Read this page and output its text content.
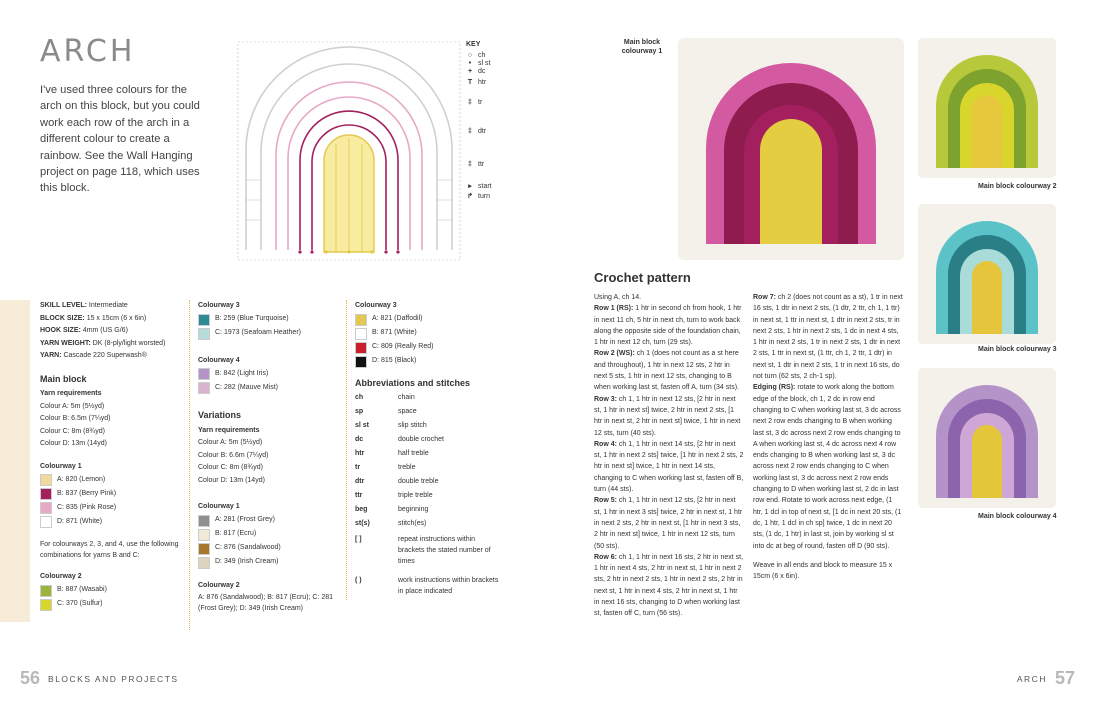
ARCH
I've used three colours for the arch on this block, but you could work each row of the arch in a different colour to create a rainbow. See the Wall Hanging project on page 118, which uses this block.
KEY
○ ch
• sl st
+ dc
T htr
‡ tr
‡ dtr
‡ ttr
▸ start
↱ turn
SKILL LEVEL: Intermediate
BLOCK SIZE: 15 x 15cm (6 x 6in)
HOOK SIZE: 4mm (US G/6)
YARN WEIGHT: DK (8-ply/light worsted)
YARN: Cascade 220 Superwash®
Main block
Yarn requirements
Colour A: 5m (5½yd)
Colour B: 6.5m (7¼yd)
Colour C: 8m (8¾yd)
Colour D: 13m (14yd)
Colourway 1
A: 820 (Lemon)
B: 837 (Berry Pink)
C: 835 (Pink Rose)
D: 871 (White)
For colourways 2, 3, and 4, use the following combinations for yarns B and C:
Colourway 2
B: 887 (Wasabi)
C: 370 (Sulfur)
Colourway 3
B: 259 (Blue Turquoise)
C: 1973 (Seafoam Heather)
Colourway 4
B: 842 (Light Iris)
C: 282 (Mauve Mist)
Variations
Yarn requirements
Colour A: 5m (5½yd)
Colour B: 6.6m (7¼yd)
Colour C: 8m (8¾yd)
Colour D: 13m (14yd)
Colourway 1
A: 281 (Frost Grey)
B: 817 (Ecru)
C: 876 (Sandalwood)
D: 349 (Irish Cream)
Colourway 2
A: 876 (Sandalwood); B: 817 (Ecru); C: 281 (Frost Grey); D: 349 (Irish Cream)
Colourway 3
A: 821 (Daffodil)
B: 871 (White)
C: 809 (Really Red)
D: 815 (Black)
Abbreviations and stitches
ch	chain
sp	space
sl st	slip stitch
dc	double crochet
htr	half treble
tr	treble
dtr	double treble
ttr	triple treble
beg	beginning
st(s)	stitch(es)
[ ]	repeat instructions within brackets the stated number of times
( )	work instructions within brackets in place indicated
Main block colourway 1
Main block colourway 2
Main block colourway 3
Main block colourway 4
Crochet pattern

Using A, ch 14.

Row 1 (RS): 1 htr in second ch from hook, 1 htr in next 11 ch, 5 htr in next ch, turn to work back along the opposite side of the foundation chain, 1 htr in next 12 ch, turn (29 sts).

Row 2 (WS): ch 1 (does not count as a st here and throughout), 1 htr in next 12 sts, 2 htr in next 5 sts, 1 htr in next 12 sts, changing to B when working last st, fasten off A, turn (34 sts).

Row 3: ch 1, 1 htr in next 12 sts, [2 htr in next st, 1 htr in next st] twice, 2 htr in next 2 sts, [1 htr in next st, 2 htr in next st] twice, 1 htr in next 12 sts, turn (40 sts).

Row 4: ch 1, 1 htr in next 14 sts, [2 htr in next st, 1 htr in next 2 sts] twice, [1 htr in next 2 sts, 2 htr in next st] twice, 1 htr in next 14 sts, changing to C when working last st, fasten off B, turn (44 sts).

Row 5: ch 1, 1 htr in next 12 sts, [2 htr in next st, 1 htr in next 3 sts] twice, 2 htr in next st, 1 htr in next 2 sts, 2 htr in next st, [1 htr in next 3 sts, 2 htr in next st] twice, 1 htr in next 12 sts, turn (50 sts).

Row 6: ch 1, 1 htr in next 16 sts, 2 htr in next st, 1 htr in next 4 sts, 2 htr in next st, 1 htr in next 2 sts, 2 htr in next 2 sts, 1 htr in next 2 sts, 2 htr in next st, 1 htr in next 4 sts, 2 htr in next st, 1 htr in next 16 sts, changing to D when working last st, fasten off C, turn (56 sts).

Row 7: ch 2 (does not count as a st), 1 tr in next 16 sts, 1 dtr in next 2 sts, (1 dtr, 2 ttr, ch 1, 1 ttr) in next st, 1 ttr in next st, 1 dtr in next 2 sts, tr in next 2 sts, 1 htr in next 2 sts, 1 dc in next 4 sts, 1 htr in next 2 sts, 1 tr in next 2 sts, 1 dtr in next 2 sts, 1 ttr in next st, (1 ttr, ch 1, 2 ttr, 1 dtr) in next st, 1 dtr in next 2 sts, 1 tr in next 16 sts, do not turn (62 sts, 2 ch-1 sp).

Edging (RS): rotate to work along the bottom edge of the block, ch 1, 2 dc in row end changing to C when working last st, 3 dc across next 2 row ends changing to B when working last st, 3 dc across next 2 row ends changing to A when working last st, 4 dc across next 4 row ends changing to B when working last st, 3 dc across next 2 row ends changing to C when working last st, 3 dc across next 2 row ends changing to D when working last st, 2 dc in last row end. Rotate to work across next edge, (1 htr, 1 dcl in top of next st, [1 dc in next 20 sts, (1 dc, 1 htr, 1 dcl in ch sp] twice, 1 dc in next 20 sts, (1 dc, 1 htr) in last st, join by working sl st into dc at beg of round, fasten off D (90 sts).

Weave in all ends and block to measure 15 x 15cm (6 x 6in).

56 BLOCKS AND PROJECTS	ARCH 57
